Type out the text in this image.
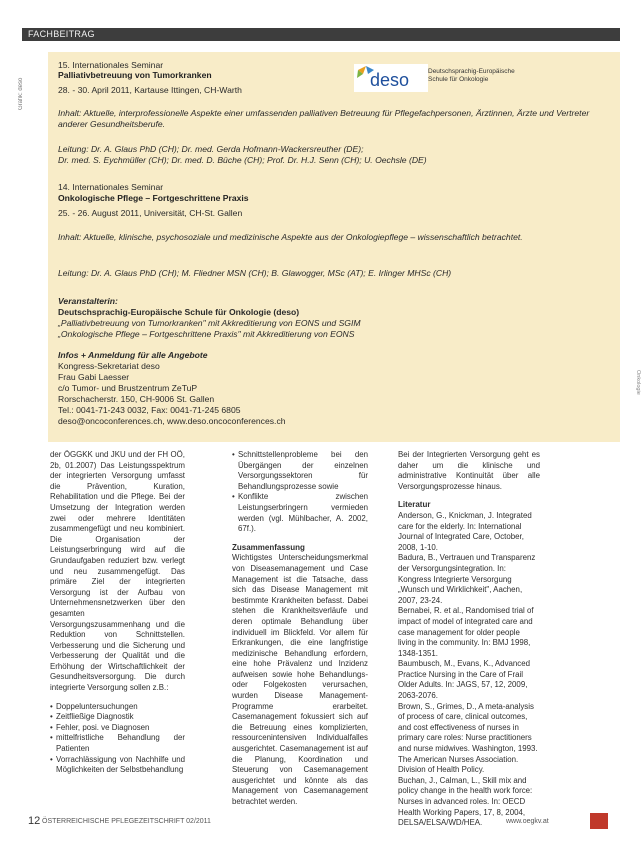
FACHBEITRAG
Grafik: deso
Onkologie
15. Internationales Seminar
Palliativbetreuung von Tumorkranken
28. - 30. April 2011, Kartause Ittingen, CH-Warth
Inhalt: Aktuelle, interprofessionelle Aspekte einer umfassenden palliativen Betreuung für Pflegefachpersonen, Ärztinnen, Ärzte und Vertreter anderer Gesundheitsberufe.
Leitung: Dr. A. Glaus PhD (CH); Dr. med. Gerda Hofmann-Wackersreuther (DE);
Dr. med. S. Eychmüller (CH); Dr. med. D. Büche (CH); Prof. Dr. H.J. Senn (CH); U. Oechsle (DE)
14. Internationales Seminar
Onkologische Pflege – Fortgeschrittene Praxis
25. - 26. August 2011, Universität, CH-St. Gallen
Inhalt: Aktuelle, klinische, psychosoziale und medizinische Aspekte aus der Onkologiepflege – wissenschaftlich betrachtet.
Leitung: Dr. A. Glaus PhD (CH); M. Fliedner MSN (CH); B. Glawogger, MSc (AT); E. Irlinger MHSc (CH)
Veranstalterin:
Deutschsprachig-Europäische Schule für Onkologie (deso)
„Palliativbetreuung von Tumorkranken" mit Akkreditierung von EONS und SGIM
„Onkologische Pflege – Fortgeschrittene Praxis" mit Akkreditierung von EONS
Infos + Anmeldung für alle Angebote
Kongress-Sekretariat deso
Frau Gabi Laesser
c/o Tumor- und Brustzentrum ZeTuP
Rorschacherstr. 150, CH-9006 St. Gallen
Tel.: 0041-71-243 0032, Fax: 0041-71-245 6805
deso@oncoconferences.ch, www.deso.oncoconferences.ch
deso	Deutschsprachig-Europäische
Schule für Onkologie

der ÖGGKK und JKU und der FH OÖ, 2b, 01.2007) Das Leistungsspektrum der integrierten Versorgung umfasst die Prävention, Kuration, Rehabilitation und die Pflege. Bei der Umsetzung der Integration werden zwei oder mehrere Identitäten zusammengefügt und neu kombiniert. Die Organisation der Leistungserbringung wird auf die Grundaufgaben reduziert bzw. verlegt und neu zusammengefügt. Das primäre Ziel der integrierten Versorgung ist der Aufbau von Unternehmensnetzwerken über den gesamten Versorgungszusammenhang und die Reduktion von Schnittstellen. Verbesserung und die Sicherung und Verbesserung der Qualität und die Erhöhung der Wirtschaftlichkeit der Gesundheitsversorgung. Die durch integrierte Versorgung sollen z.B.:

• Doppeluntersuchungen
• Zeitfließige Diagnostik
• Fehler, posi. ve Diagnosen
• mittelfristliche Behandlung der Patienten
• Vorrachlässigung von Nachhilfe und Möglichkeiten der Selbstbehandlung
• Schnittstellenprobleme bei den Übergängen der einzelnen Versorgungssektoren für Behandlungsprozesse sowie
• Konflikte zwischen Leistungserbringern vermieden werden (vgl. Mühlbacher, A. 2002, 67f.).
Zusammenfassung

Wichtigstes Unterscheidungsmerkmal von Diseasemanagement und Case Management ist die Tatsache, dass sich das Disease Management mit bestimmte Krankheiten befasst. Dabei stehen die Krankheitsverläufe und deren optimale Behandlung über individuell im Blickfeld. Vor allem für Erkrankungen, die eine langfristige medizinische Behandlung erfordern, eine hohe Prävalenz und Inzidenz aufweisen sowie hohe Behandlungs- oder Folgekosten verursachen, wurden Disease Management-Programme erarbeitet. Casemanagement fokussiert sich auf die Betreuung eines komplizierten, ressourcenintensiven Individualfalles ausgerichtet. Casemanagement ist auf die Planung, Koordination und Steuerung von Casemanagement ausgerichtet und könnte als das Management von Casemanagement betrachtet werden.

Bei der Integrierten Versorgung geht es daher um die klinische und administrative Kontinuität über alle Versorgungsprozesse hinaus.

Literatur

Anderson, G., Knickman, J. Integrated care for the elderly. In: International Journal of Integrated Care, October, 2008, 1-10.

Badura, B., Vertrauen und Transparenz der Versorgungsintegration. In: Kongress Integrierte Versorgung „Wunsch und Wirklichkeit", Aachen, 2007, 23-24.

Bernabei, R. et al., Randomised trial of impact of model of integrated care and case management for older people living in the community. In: BMJ 1998, 1348-1351.

Baumbusch, M., Evans, K., Advanced Practice Nursing in the Care of Frail Older Adults. In: JAGS, 57, 12, 2009, 2063-2076.

Brown, S., Grimes, D., A meta-analysis of process of care, clinical outcomes, and cost effectiveness of nurses in primary care roles: Nurse practitioners and nurse midwives. Washington, 1993. The American Nurses Association. Division of Health Policy.

Buchan, J., Calman, L., Skill mix and policy change in the health work force: Nurses in advanced roles. In: OECD Health Working Papers, 17, 8, 2004, DELSA/ELSA/WD/HEA.

12 ÖSTERREICHISCHE PFLEGEZEITSCHRIFT 02/2011	www.oegkv.at
